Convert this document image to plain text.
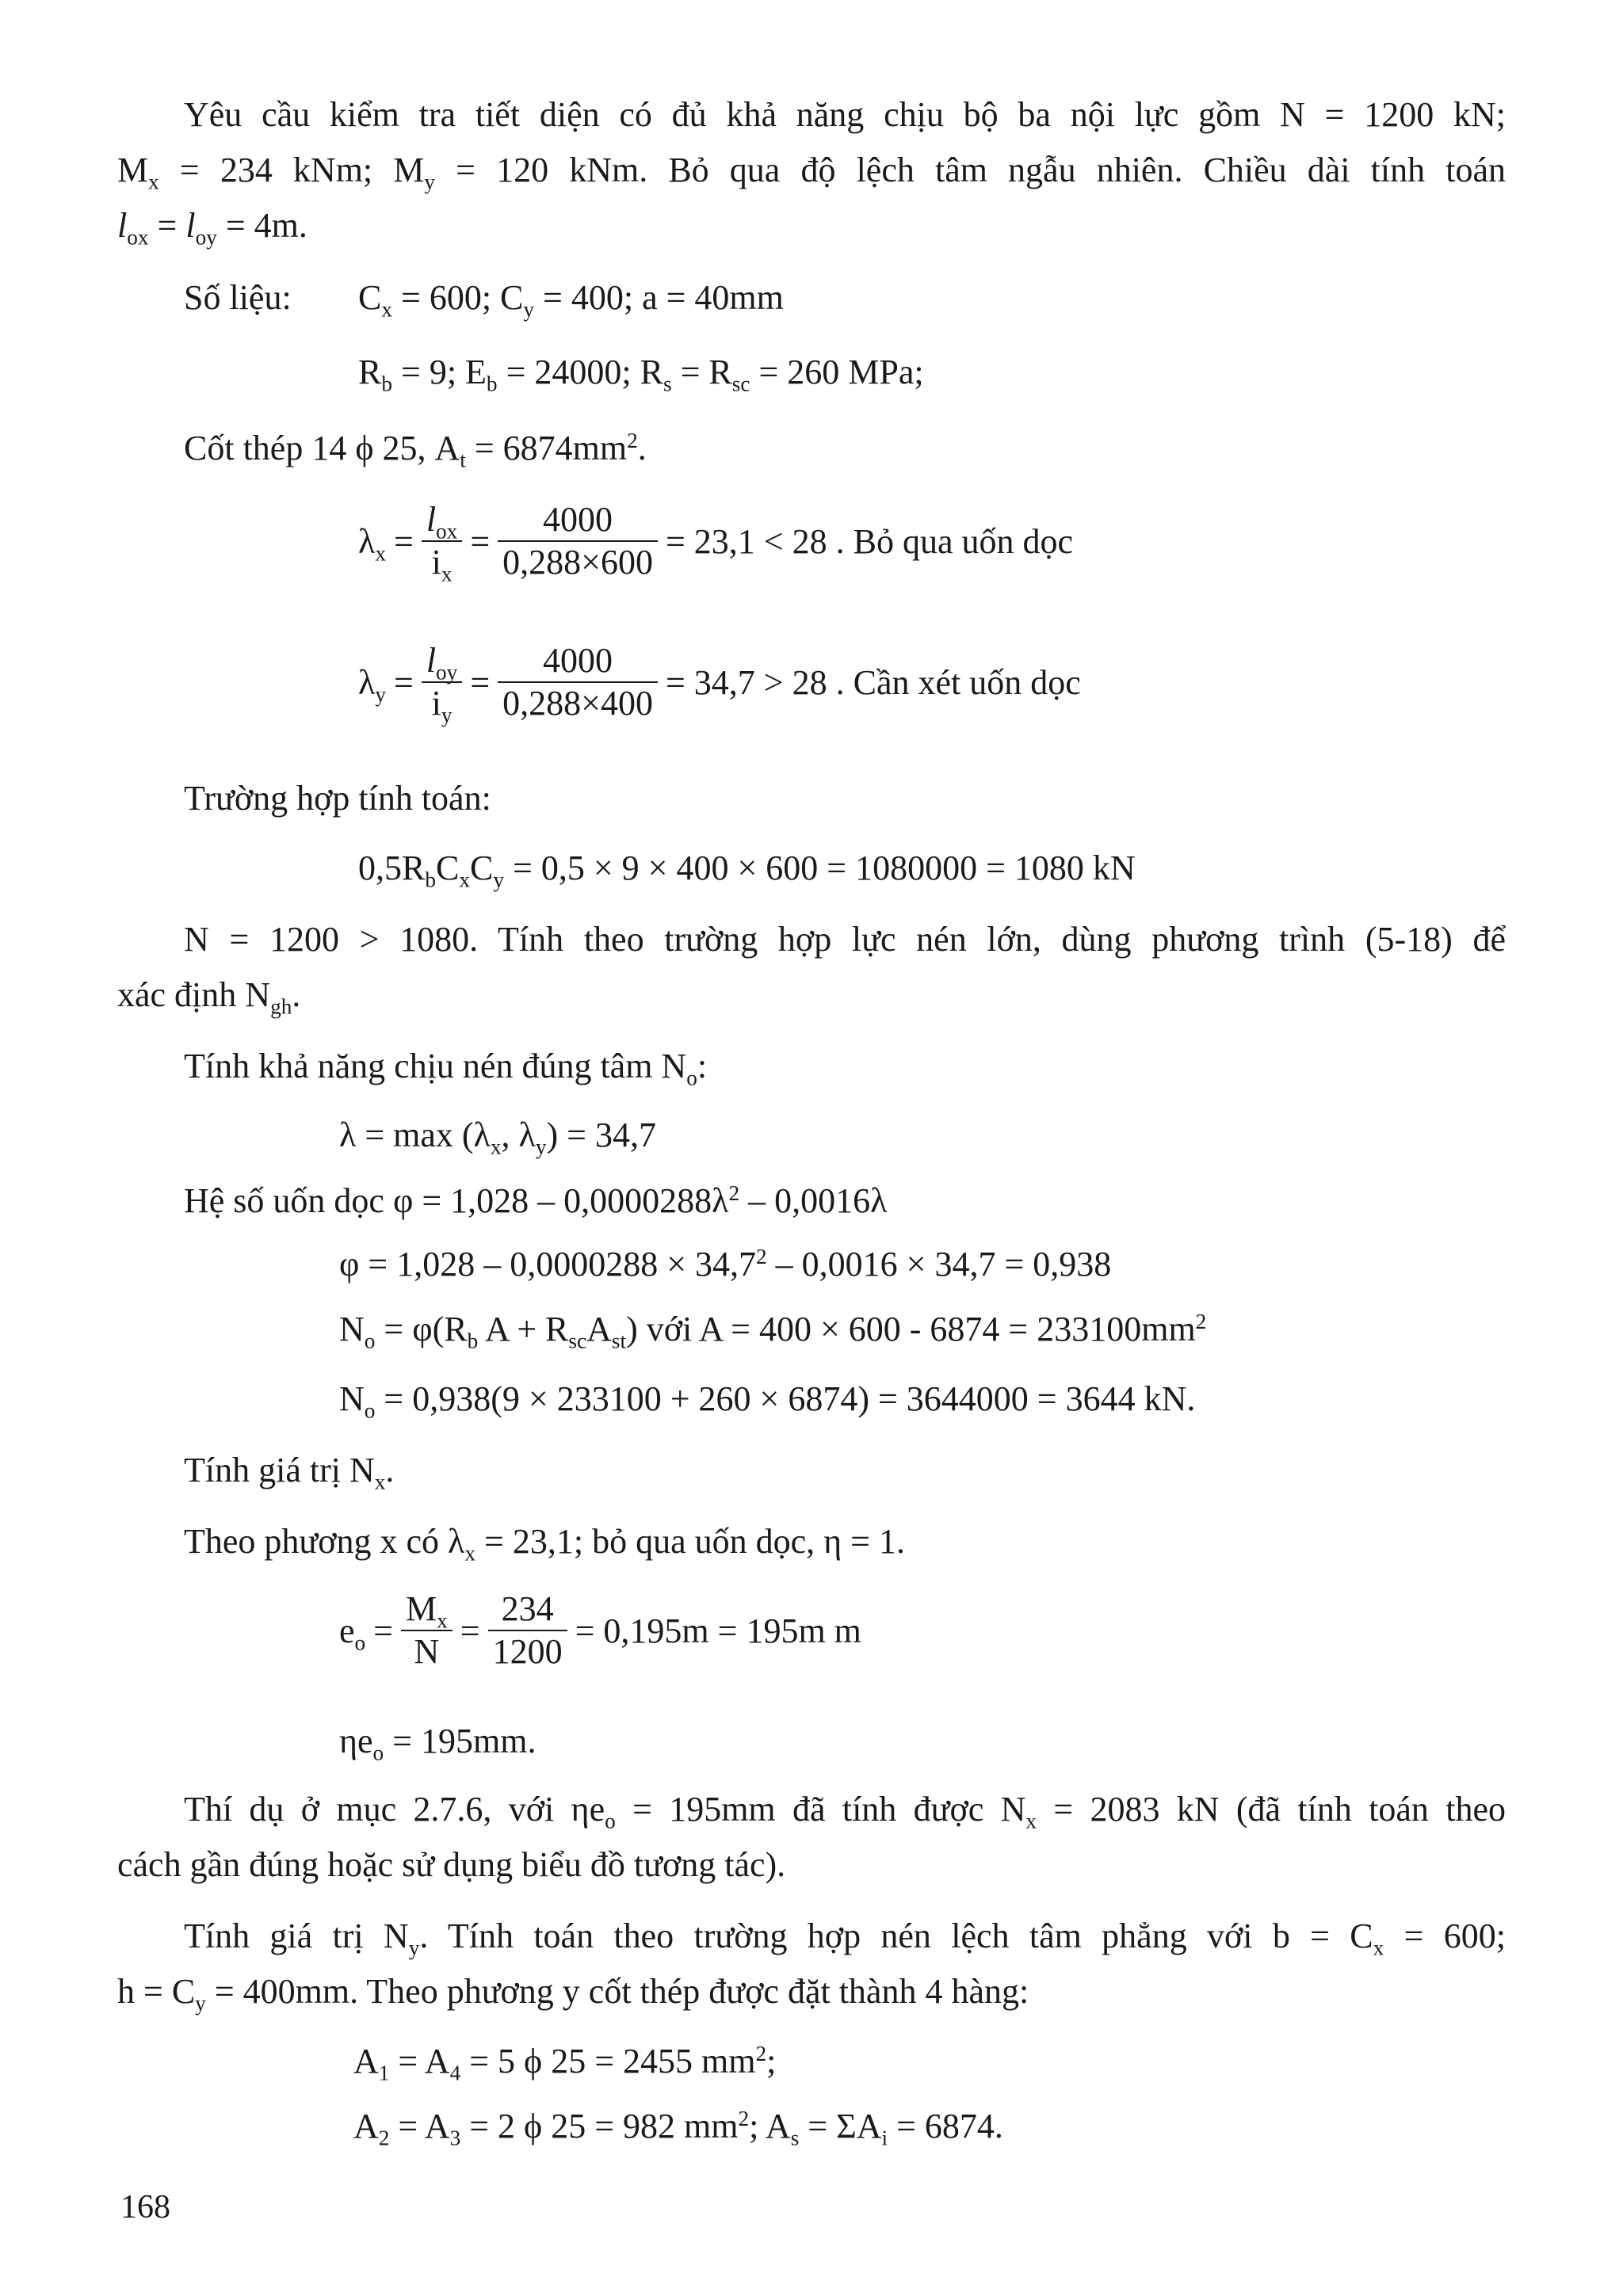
Yêu cầu kiểm tra tiết diện có đủ khả năng chịu bộ ba nội lực gồm N = 1200 kN;
$M_x = 234$ kNm; $M_y = 120$ kNm. Bỏ qua độ lệch tâm ngẫu nhiên. Chiều dài tính toán
$l_{ox} = l_{oy} = 4m$.
Số liệu: $C_x = 600$; $C_y = 400$; a = 40mm
$R_b = 9$; $E_b = 24000$; $R_s = R_{sc} = 260$ MPa;
Cốt thép 14 ϕ 25, $A_t = 6874mm^2$.
$\lambda_x = \frac{l_{ox}}{i_x} = \frac{4000}{0,288\times 600} = 23,1 < 28$ . Bỏ qua uốn dọc
$\lambda_y = \frac{l_{oy}}{i_y} = \frac{4000}{0,288\times 400} = 34,7 > 28$ . Cần xét uốn dọc
Trường hợp tính toán:
$0,5R_bC_xC_y = 0,5 \times 9 \times 400 \times 600 = 1080000 = 1080$ kN
N = 1200 > 1080. Tính theo trường hợp lực nén lớn, dùng phương trình (5-18) để
xác định $N_{gh}$.
Tính khả năng chịu nén đúng tâm $N_o$:
$\lambda = \max (\lambda_x$, $\lambda_y) = 34,7$
Hệ số uốn dọc $\varphi = 1,028 - 0,0000288\lambda^2 - 0,0016\lambda$
$\varphi = 1,028 - 0,0000288 \times 34,7^2 - 0,0016 \times 34,7 = 0,938$
$N_o = \varphi(R_b$ $A + R_{sc}A_{st}$) với $A = 400 \times 600 - 6874 = 233100mm^2$
$N_o = 0,938(9 \times 233100 + 260 \times 6874) = 3644000 = 3644$ kN.
Tính giá trị $N_x$.
Theo phương x có $\lambda_x = 23,1$; bỏ qua uốn dọc, η = 1.
$e_o = \frac{M_x}{N} = \frac{234}{1200} = 0,195m = 195m$ m
$\eta e_o = 195mm$.
Thí dụ ở mục 2.7.6, với $\eta e_o = 195mm$ đã tính được $N_x = 2083$ kN (đã tính toán theo
cách gần đúng hoặc sử dụng biểu đồ tương tác).
Tính giá trị $N_y$. Tính toán theo trường hợp nén lệch tâm phẳng với $b = C_x = 600$;
$h = C_y = 400mm$. Theo phương y cốt thép được đặt thành 4 hàng:
$A_1 = A_4 = 5$ ϕ 25 = 2455 $mm^2$;
$A_2 = A_3 = 2$ ϕ 25 = 982 $mm^2$; $A_s = \Sigma A_i = 6874$.
168
